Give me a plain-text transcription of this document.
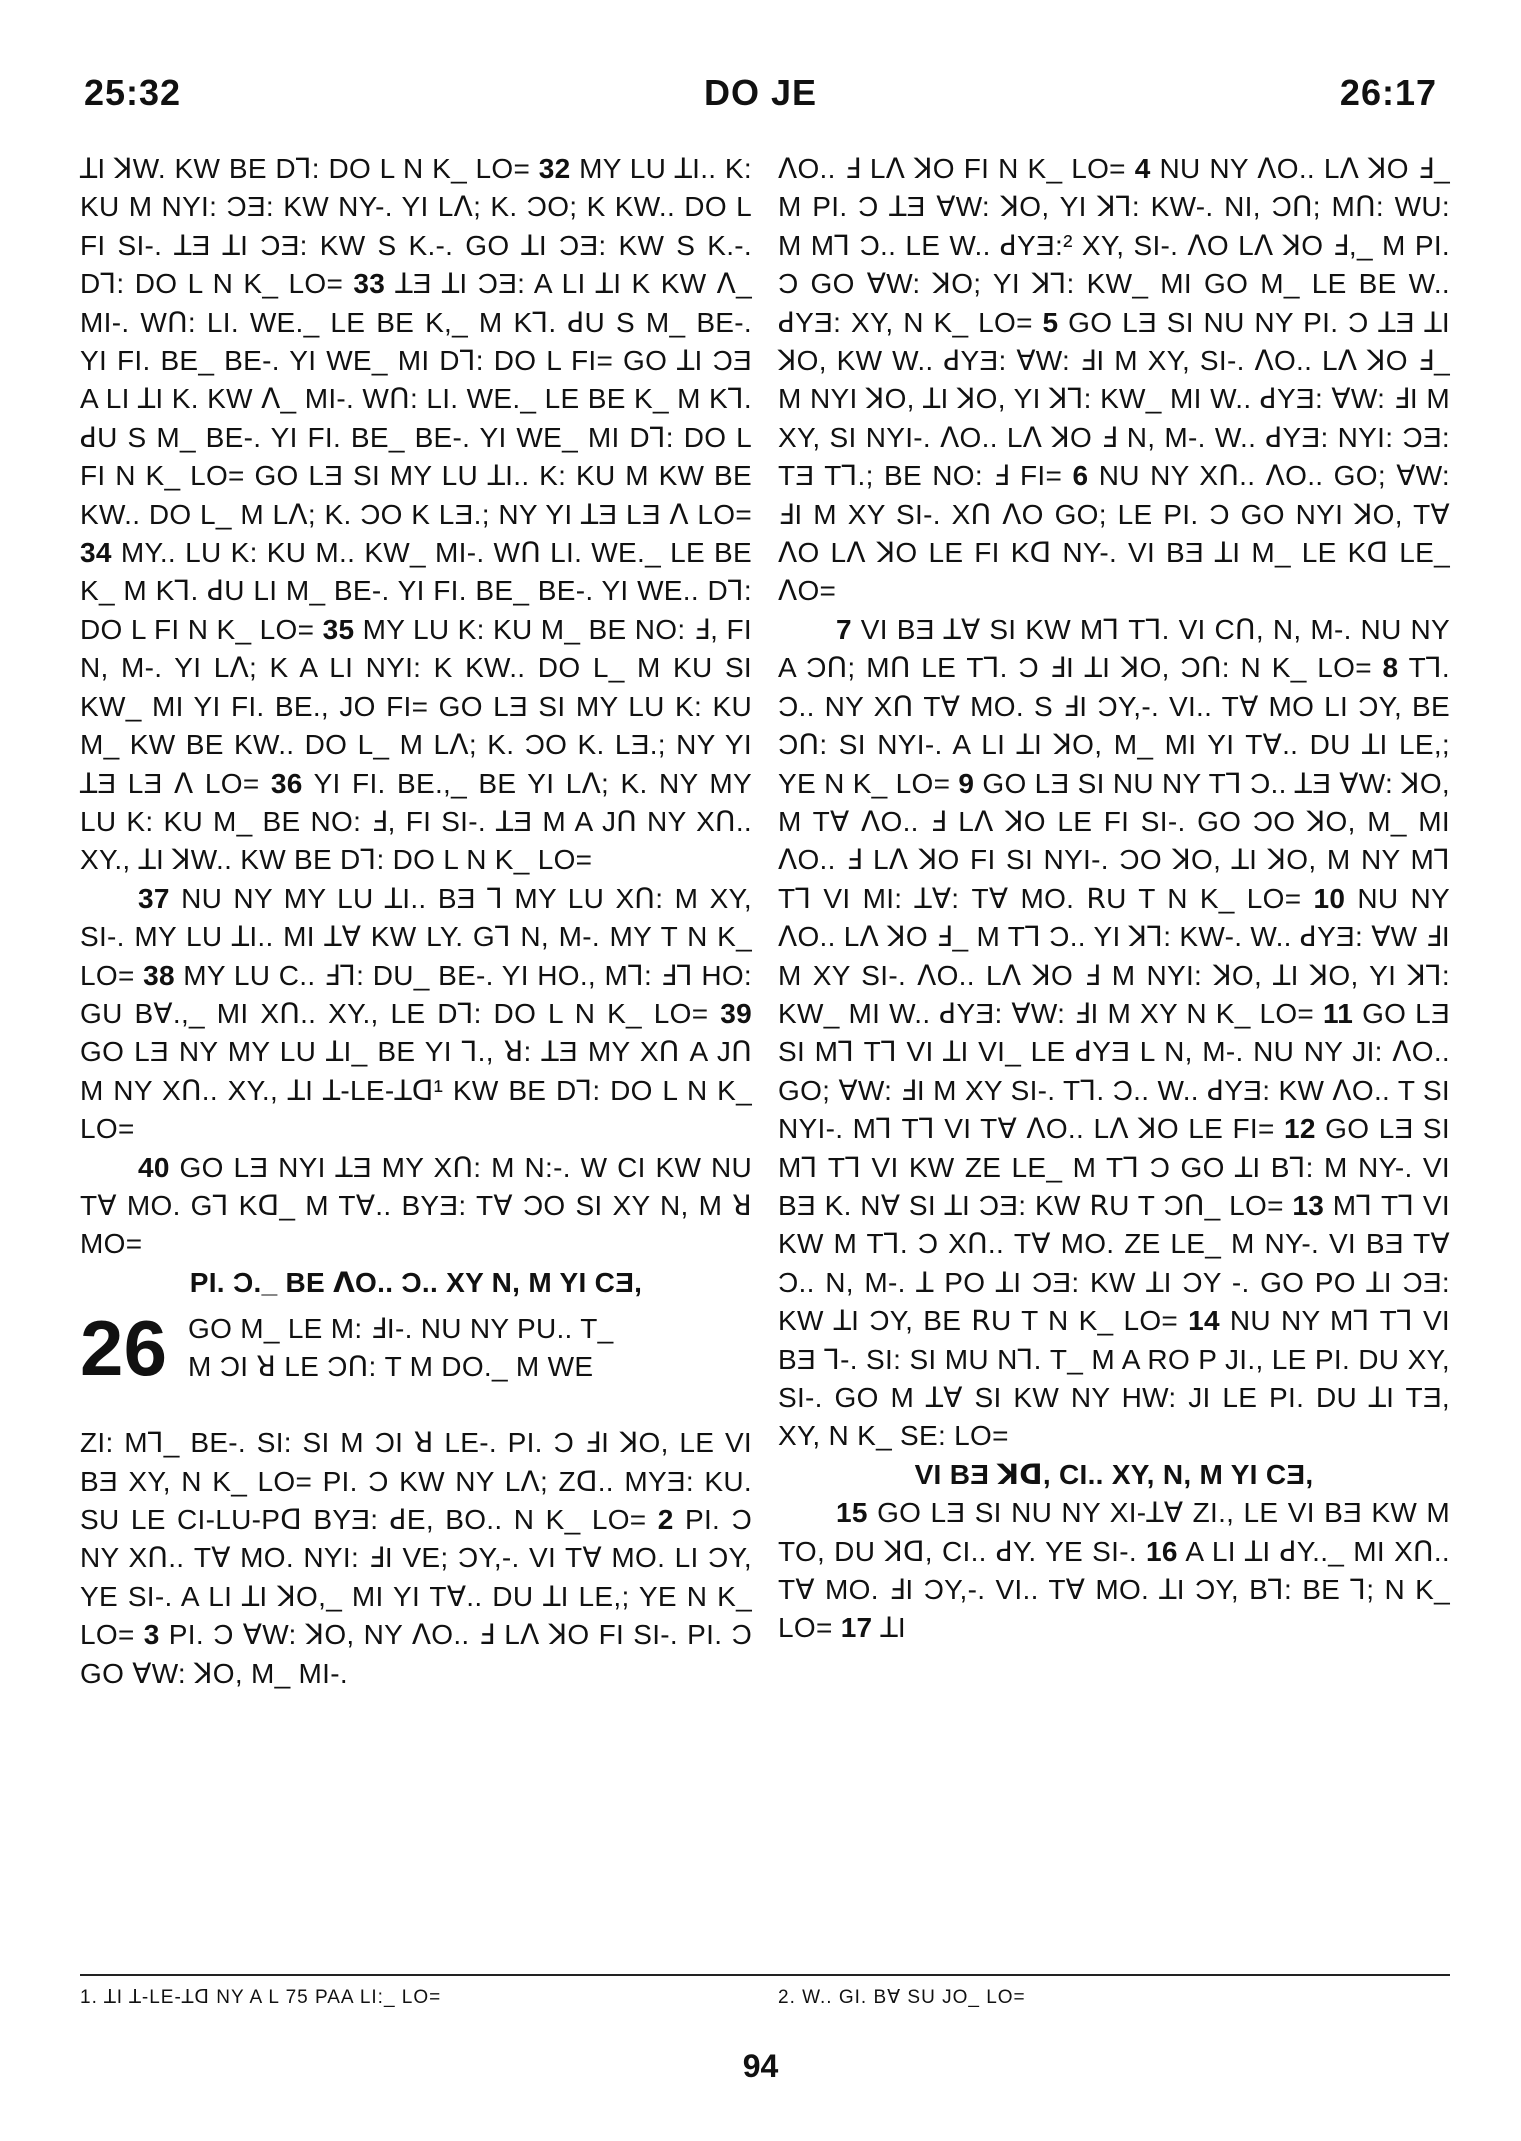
25:32	DO JE	26:17

ꓕI ꓘW. KW BE Dꓶ: DO L N K_ LO= 32 MY LU ꓕI.. K: KU M NYI: ƆƎ: KW NY-. YI Lꓥ; K. ƆO; K KW.. DO L FI SI-. ꓕƎ ꓕI ƆƎ: KW S K.-. GO ꓕI ƆƎ: KW S K.-. Dꓶ: DO L N K_ LO= 33 ꓕƎ ꓕI ƆƎ: A LI ꓕI K KW ꓥ_ MI-. Wꓵ: LI. WE._ LE BE K,_ M Kꓶ. ꓒU S M_ BE-. YI FI. BE_ BE-. YI WE_ MI Dꓶ: DO L FI= GO ꓕI ƆƎ A LI ꓕI K. KW ꓥ_ MI-. Wꓵ: LI. WE._ LE BE K_ M Kꓶ. ꓒU S M_ BE-. YI FI. BE_ BE-. YI WE_ MI Dꓶ: DO L FI N K_ LO= GO LƎ SI MY LU ꓕI.. K: KU M KW BE KW.. DO L_ M Lꓥ; K. ƆO K LƎ.; NY YI ꓕƎ LƎ ꓥ LO= 34 MY.. LU K: KU M.. KW_ MI-. Wꓵ LI. WE._ LE BE K_ M Kꓶ. ꓒU LI M_ BE-. YI FI. BE_ BE-. YI WE.. Dꓶ: DO L FI N K_ LO= 35 MY LU K: KU M_ BE NO: ꓞ, FI N, M-. YI Lꓥ; K A LI NYI: K KW.. DO L_ M KU SI KW_ MI YI FI. BE., JO FI= GO LƎ SI MY LU K: KU M_ KW BE KW.. DO L_ M Lꓥ; K. ƆO K. LƎ.; NY YI ꓕƎ LƎ ꓥ LO= 36 YI FI. BE.,_ BE YI Lꓥ; K. NY MY LU K: KU M_ BE NO: ꓞ, FI SI-. ꓕƎ M A Jꓵ NY Xꓵ.. XY., ꓕI ꓘW.. KW BE Dꓶ: DO L N K_ LO=

37 NU NY MY LU ꓕI.. BƎ ꓶ MY LU Xꓵ: M XY, SI-. MY LU ꓕI.. MI ꓕꓯ KW LY. Gꓶ N, M-. MY T N K_ LO= 38 MY LU C.. ꓞꓶ: DU_ BE-. YI HO., Mꓶ: ꓞꓶ HO: GU Bꓯ.,_ MI Xꓵ.. XY., LE Dꓶ: DO L N K_ LO= 39 GO LƎ NY MY LU ꓕI_ BE YI ꓶ., ꓤ: ꓕƎ MY Xꓵ A Jꓵ M NY Xꓵ.. XY., ꓕI ꓕ-LE-ꓕꓷ¹ KW BE Dꓶ: DO L N K_ LO=

40 GO LƎ NYI ꓕƎ MY Xꓵ: M N:-. W CI KW NU Tꓯ MO. Gꓶ Kꓷ_ M Tꓯ.. BYƎ: Tꓯ ƆO SI XY N, M ꓤ MO=

PI. Ɔ._ BE ꓥO.. Ɔ.. XY N, M YI CƎ,

26 GO M_ LE M: ꓞI-. NU NY PU.. T_
M ƆI ꓤ LE Ɔꓵ: T M DO._ M WE

ZI: Mꓶ_ BE-. SI: SI M ƆI ꓤ LE-. PI. Ɔ ꓞI ꓘO, LE VI BƎ XY, N K_ LO= PI. Ɔ KW NY Lꓥ; Zꓷ.. MYƎ: KU. SU LE CI-LU-Pꓷ BYƎ: ꓒE, BO.. N K_ LO= 2 PI. Ɔ NY Xꓵ.. Tꓯ MO. NYI: ꓞI VE; ƆY,-. VI Tꓯ MO. LI ƆY, YE SI-. A LI ꓕI ꓘO,_ MI YI Tꓯ.. DU ꓕI LE,; YE N K_ LO= 3 PI. Ɔ ꓯW: ꓘO, NY ꓥO.. ꓞ Lꓥ ꓘO FI SI-. PI. Ɔ GO ꓯW: ꓘO, M_ MI-.

ꓥO.. ꓞ Lꓥ ꓘO FI N K_ LO= 4 NU NY ꓥO.. Lꓥ ꓘO ꓞ_ M PI. Ɔ ꓕƎ ꓯW: ꓘO, YI ꓘꓶ: KW-. NI, Ɔꓵ; Mꓵ: WU: M Mꓶ Ɔ.. LE W.. ꓒYƎ:² XY, SI-. ꓥO Lꓥ ꓘO ꓞ,_ M PI. Ɔ GO ꓯW: ꓘO; YI ꓘꓶ: KW_ MI GO M_ LE BE W.. ꓒYƎ: XY, N K_ LO= 5 GO LƎ SI NU NY PI. Ɔ ꓕƎ ꓕI ꓘO, KW W.. ꓒYƎ: ꓯW: ꓞI M XY, SI-. ꓥO.. Lꓥ ꓘO ꓞ_ M NYI ꓘO, ꓕI ꓘO, YI ꓘꓶ: KW_ MI W.. ꓒYƎ: ꓯW: ꓞI M XY, SI NYI-. ꓥO.. Lꓥ ꓘO ꓞ N, M-. W.. ꓒYƎ: NYI: ƆƎ: TƎ Tꓶ.; BE NO: ꓞ FI= 6 NU NY Xꓵ.. ꓥO.. GO; ꓯW: ꓞI M XY SI-. Xꓵ ꓥO GO; LE PI. Ɔ GO NYI ꓘO, Tꓯ ꓥO Lꓥ ꓘO LE FI Kꓷ NY-. VI BƎ ꓕI M_ LE Kꓷ LE_ ꓥO=

7 VI BƎ ꓕꓯ SI KW Mꓶ Tꓶ. VI Cꓵ, N, M-. NU NY A Ɔꓵ; Mꓵ LE Tꓶ. Ɔ ꓞI ꓕI ꓘO, Ɔꓵ: N K_ LO= 8 Tꓶ. Ɔ.. NY Xꓵ Tꓯ MO. S ꓞI ƆY,-. VI.. Tꓯ MO LI ƆY, BE Ɔꓵ: SI NYI-. A LI ꓕI ꓘO, M_ MI YI Tꓯ.. DU ꓕI LE,; YE N K_ LO= 9 GO LƎ SI NU NY Tꓶ Ɔ.. ꓕƎ ꓯW: ꓘO, M Tꓯ ꓥO.. ꓞ Lꓥ ꓘO LE FI SI-. GO ƆO ꓘO, M_ MI ꓥO.. ꓞ Lꓥ ꓘO FI SI NYI-. ƆO ꓘO, ꓕI ꓘO, M NY Mꓶ Tꓶ VI MI: ꓕꓯ: Tꓯ MO. ꓣU T N K_ LO= 10 NU NY ꓥO.. Lꓥ ꓘO ꓞ_ M Tꓶ Ɔ.. YI ꓘꓶ: KW-. W.. ꓒYƎ: ꓯW ꓞI M XY SI-. ꓥO.. Lꓥ ꓘO ꓞ M NYI: ꓘO, ꓕI ꓘO, YI ꓘꓶ: KW_ MI W.. ꓒYƎ: ꓯW: ꓞI M XY N K_ LO= 11 GO LƎ SI Mꓶ Tꓶ VI ꓕI VI_ LE ꓒYƎ L N, M-. NU NY JI: ꓥO.. GO; ꓯW: ꓞI M XY SI-. Tꓶ. Ɔ.. W.. ꓒYƎ: KW ꓥO.. T SI NYI-. Mꓶ Tꓶ VI Tꓯ ꓥO.. Lꓥ ꓘO LE FI= 12 GO LƎ SI Mꓶ Tꓶ VI KW ZE LE_ M Tꓶ Ɔ GO ꓕI Bꓶ: M NY-. VI BƎ K. Nꓯ SI ꓕI ƆƎ: KW ꓣU T Ɔꓵ_ LO= 13 Mꓶ Tꓶ VI KW M Tꓶ. Ɔ Xꓵ.. Tꓯ MO. ZE LE_ M NY-. VI BƎ Tꓯ Ɔ.. N, M-. ꓕ PO ꓕI ƆƎ: KW ꓕI ƆY -. GO PO ꓕI ƆƎ: KW ꓕI ƆY, BE ꓣU T N K_ LO= 14 NU NY Mꓶ Tꓶ VI BƎ ꓶ-. SI: SI MU Nꓶ. T_ M A RO P JI., LE PI. DU XY, SI-. GO M ꓕꓯ SI KW NY HW: JI LE PI. DU ꓕI TƎ, XY, N K_ SE: LO=

VI BƎ ꓘꓷ, CI.. XY, N, M YI CƎ,

15 GO LƎ SI NU NY XI-ꓕꓯ ZI., LE VI BƎ KW M TO, DU ꓘꓷ, CI.. ꓒY. YE SI-. 16 A LI ꓕI ꓒY.._ MI Xꓵ.. Tꓯ MO. ꓞI ƆY,-. VI.. Tꓯ MO. ꓕI ƆY, Bꓶ: BE ꓶ; N K_ LO= 17 ꓕI

1. ꓕI ꓕ-LE-ꓕꓷ NY A L 75 PAA LI:_ LO=	2. W.. GI. Bꓯ SU JO_ LO=
94
